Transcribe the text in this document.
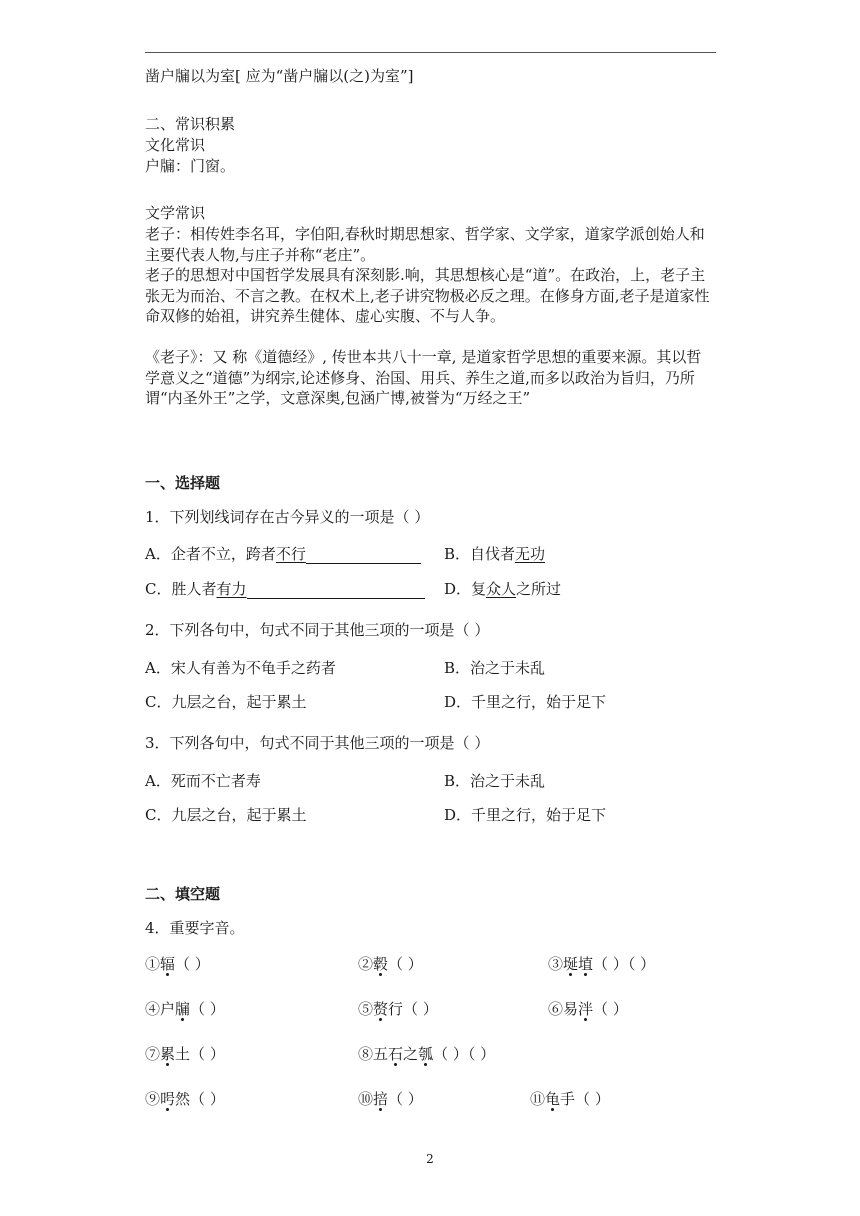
凿户牖以为室[ 应为“凿户牖以(之)为室”]
二、常识积累
文化常识
户牖：门窗。
文学常识
老子：相传姓李名耳，字伯阳,春秋时期思想家、哲学家、文学家，道家学派创始人和主要代表人物,与庄子并称“老庄”。
老子的思想对中国哲学发展具有深刻影.响，其思想核心是“道”。在政治，上，老子主张无为而治、不言之教。在权术上,老子讲究物极必反之理。在修身方面,老子是道家性命双修的始祖，讲究养生健体、虚心实腹、不与人争。
《老子》：又 称《道德经》, 传世本共八十一章, 是道家哲学思想的重要来源。其以哲学意义之“道德”为纲宗,论述修身、治国、用兵、养生之道,而多以政治为旨归，乃所谓“内圣外王”之学，文意深奥,包涵广博,被誉为“万经之王”
一、选择题
1．下列划线词存在古今异义的一项是（ ）
A．企者不立，跨者不行	B．自伐者无功
C．胜人者有力	D．复众人之所过
2．下列各句中，句式不同于其他三项的一项是（ ）
A．宋人有善为不龟手之药者	B．治之于未乱
C．九层之台，起于累土	D．千里之行，始于足下
3．下列各句中，句式不同于其他三项的一项是（ ）
A．死而不亡者寿	B．治之于未乱
C．九层之台，起于累土	D．千里之行，始于足下
二、填空题
4．重要字音。
①辐（ ）	②毂（ ）	③埏埴（ ）（ ）
④户牖（ ）	⑤赘行（ ）	⑥易泮（ ）
⑦累土（ ）	⑧五石之瓠（ ）（ ）
⑨呺然（ ）	⑩掊（ ）	⑪龟手（ ）
2
